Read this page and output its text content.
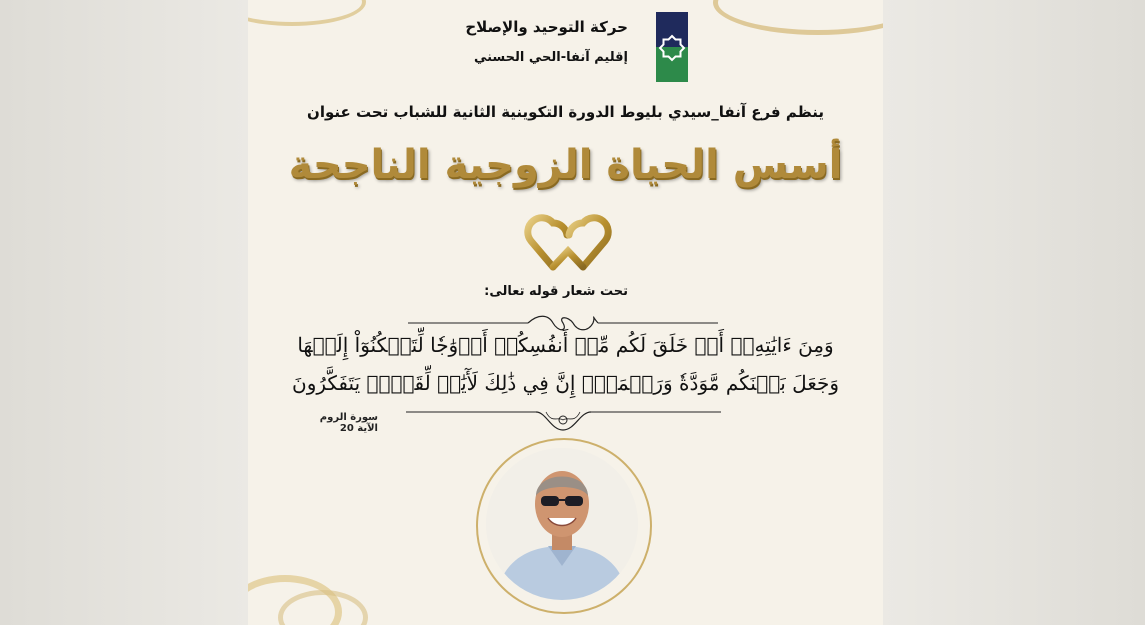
حركة التوحيد والإصلاح
إقليم آنفا-الحي الحسني
ينظم فرع آنفا_سيدي بليوط الدورة التكوينية الثانية للشباب تحت عنوان
أسس الحياة الزوجية الناجحة
تحت شعار قوله تعالى:
وَمِنَ ءَايَٰتِهِۦٓ أَنۡ خَلَقَ لَكُم مِّنۡ أَنفُسِكُمۡ أَزۡوَٰجٗا لِّتَسۡكُنُوٓاْ إِلَيۡهَا
وَجَعَلَ بَيۡنَكُم مَّوَدَّةٗ وَرَحۡمَةًۚ إِنَّ فِي ذَٰلِكَ لَأٓيَٰتٖ لِّقَوۡمٖ يَتَفَكَّرُونَ
سورة الروم الآية 20
